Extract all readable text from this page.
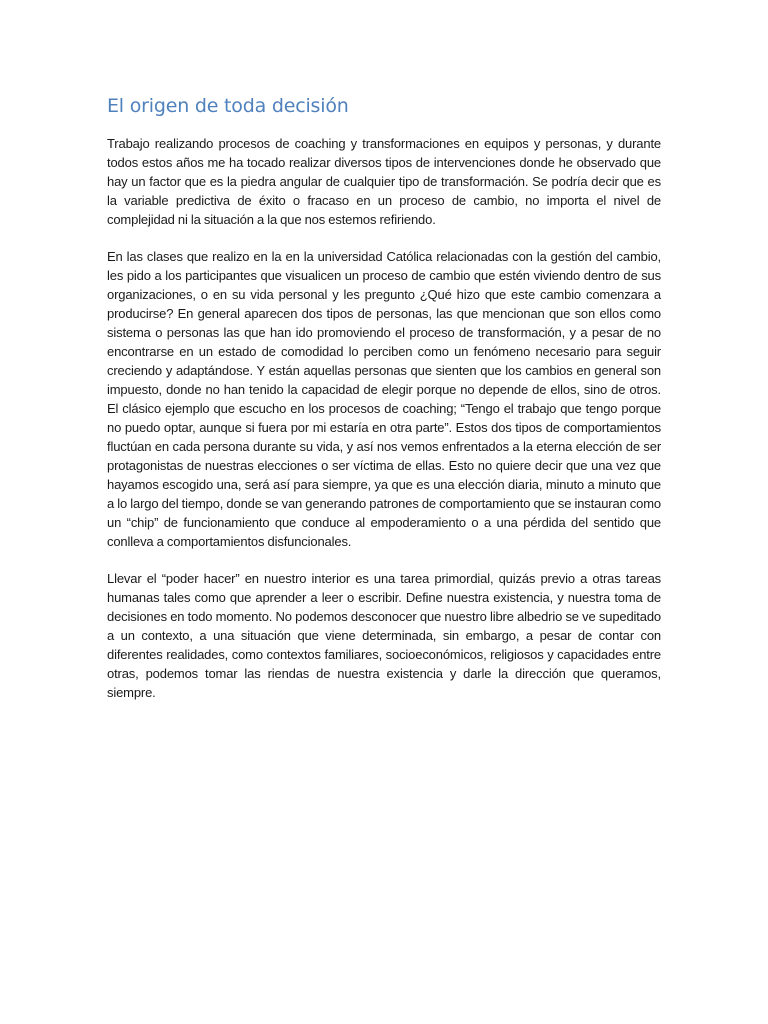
El origen de toda decisión

Trabajo realizando procesos de coaching y transformaciones en equipos y personas, y durante todos estos años me ha tocado realizar diversos tipos de intervenciones donde he observado que hay un factor que es la piedra angular de cualquier tipo de transformación. Se podría decir que es la variable predictiva de éxito o fracaso en un proceso de cambio, no importa el nivel de complejidad ni la situación a la que nos estemos refiriendo.

En las clases que realizo en la en la universidad Católica relacionadas con la gestión del cambio, les pido a los participantes que visualicen un proceso de cambio que estén viviendo dentro de sus organizaciones, o en su vida personal y les pregunto ¿Qué hizo que este cambio comenzara a producirse? En general aparecen dos tipos de personas, las que mencionan que son ellos como sistema o personas las que han ido promoviendo el proceso de transformación, y a pesar de no encontrarse en un estado de comodidad lo perciben como un fenómeno necesario para seguir creciendo y adaptándose. Y están aquellas personas que sienten que los cambios en general son impuesto, donde no han tenido la capacidad de elegir porque no depende de ellos, sino de otros. El clásico ejemplo que escucho en los procesos de coaching; “Tengo el trabajo que tengo porque no puedo optar, aunque si fuera por mi estaría en otra parte”. Estos dos tipos de comportamientos fluctúan en cada persona durante su vida, y así nos vemos enfrentados a la eterna elección de ser protagonistas de nuestras elecciones o ser víctima de ellas. Esto no quiere decir que una vez que hayamos escogido una, será así para siempre, ya que es una elección diaria, minuto a minuto que a lo largo del tiempo, donde se van generando patrones de comportamiento que se instauran como un “chip” de funcionamiento que conduce al empoderamiento o a una pérdida del sentido que conlleva a comportamientos disfuncionales.

Llevar el “poder hacer” en nuestro interior es una tarea primordial, quizás previo a otras tareas humanas tales como que aprender a leer o escribir. Define nuestra existencia, y nuestra toma de decisiones en todo momento. No podemos desconocer que nuestro libre albedrio se ve supeditado a un contexto, a una situación que viene determinada, sin embargo, a pesar de contar con diferentes realidades, como contextos familiares, socioeconómicos, religiosos y capacidades entre otras, podemos tomar las riendas de nuestra existencia y darle la dirección que queramos, siempre.
